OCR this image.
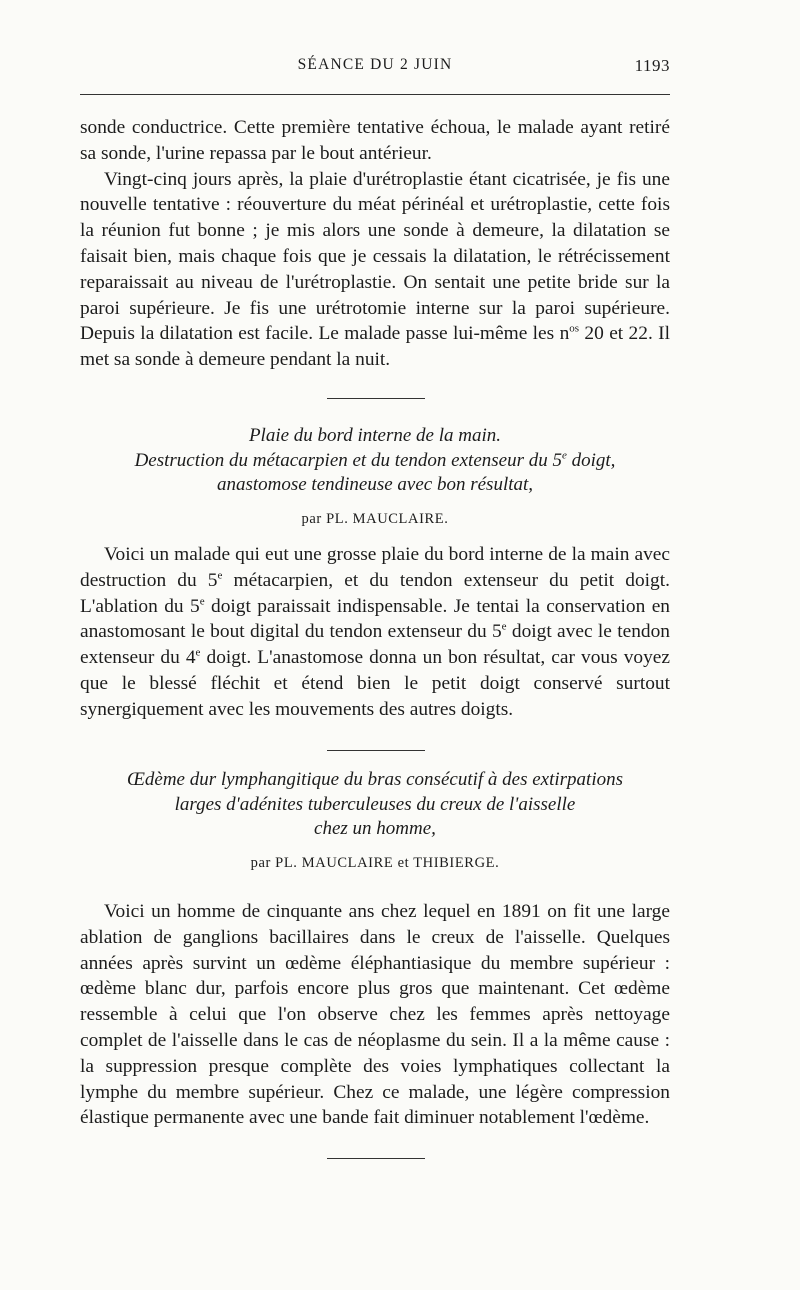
SÉANCE DU 2 JUIN	1193

sonde conductrice. Cette première tentative échoua, le malade ayant retiré sa sonde, l'urine repassa par le bout antérieur.

Vingt-cinq jours après, la plaie d'urétroplastie étant cicatrisée, je fis une nouvelle tentative : réouverture du méat périnéal et urétroplastie, cette fois la réunion fut bonne ; je mis alors une sonde à demeure, la dilatation se faisait bien, mais chaque fois que je cessais la dilatation, le rétrécissement reparaissait au niveau de l'urétroplastie. On sentait une petite bride sur la paroi supérieure. Je fis une urétrotomie interne sur la paroi supérieure. Depuis la dilatation est facile. Le malade passe lui-même les $n^{os}$ 20 et 22. Il met sa sonde à demeure pendant la nuit.

Plaie du bord interne de la main.

Destruction du métacarpien et du tendon extenseur du 5e doigt,

anastomose tendineuse avec bon résultat,

par PL. MAUCLAIRE.

Voici un malade qui eut une grosse plaie du bord interne de la main avec destruction du 5e métacarpien, et du tendon extenseur du petit doigt. L'ablation du 5e doigt paraissait indispensable. Je tentai la conservation en anastomosant le bout digital du tendon extenseur du 5e doigt avec le tendon extenseur du 4e doigt. L'anastomose donna un bon résultat, car vous voyez que le blessé fléchit et étend bien le petit doigt conservé surtout synergiquement avec les mouvements des autres doigts.

Œdème dur lymphangitique du bras consécutif à des extirpations

larges d'adénites tuberculeuses du creux de l'aisselle

chez un homme,

par PL. MAUCLAIRE et THIBIERGE.

Voici un homme de cinquante ans chez lequel en 1891 on fit une large ablation de ganglions bacillaires dans le creux de l'aisselle. Quelques années après survint un œdème éléphantiasique du membre supérieur : œdème blanc dur, parfois encore plus gros que maintenant. Cet œdème ressemble à celui que l'on observe chez les femmes après nettoyage complet de l'aisselle dans le cas de néoplasme du sein. Il a la même cause : la suppression presque complète des voies lymphatiques collectant la lymphe du membre supérieur. Chez ce malade, une légère compression élastique permanente avec une bande fait diminuer notablement l'œdème.
